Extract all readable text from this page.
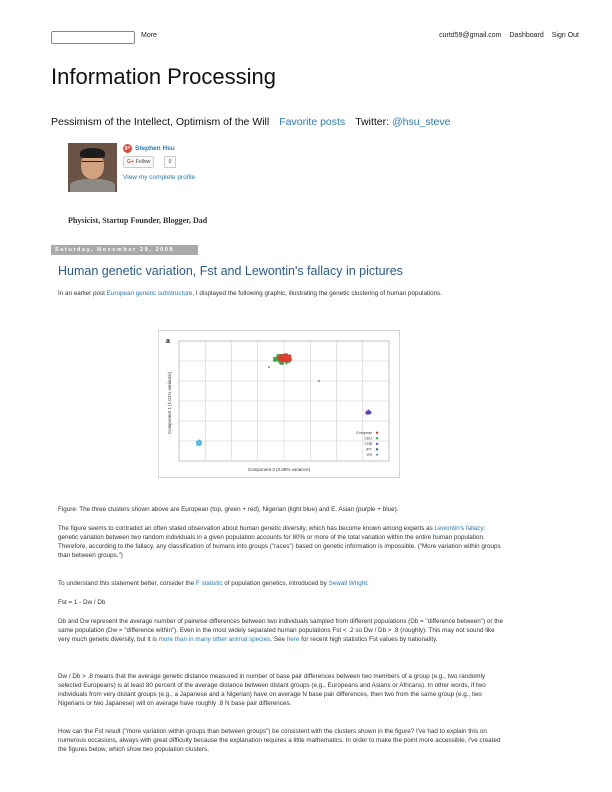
More	curtd59@gmail.com Dashboard Sign Out
Information Processing
Pessimism of the Intellect, Optimism of the Will Favorite posts Twitter: @hsu_steve
g+ Stephen Hsu
G+ Follow	0
View my complete profile
Physicist, Startup Founder, Blogger, Dad
Saturday, November 29, 2008
Human genetic variation, Fst and Lewontin's fallacy in pictures
In an earlier post European genetic substructure, I displayed the following graphic, illustrating the genetic clustering of human populations.
a
Component 2 (0.58% variance)
Component 1 (1.01% variance)	European
CEU
CHB
JPT
YRI
Figure: The three clusters shown above are European (top, green + red), Nigerian (light blue) and E. Asian (purple + blue).
The figure seems to contradict an often stated observation about human genetic diversity, which has become known among experts as Lewontin's fallacy: genetic variation between two random individuals in a given population accounts for 80% or more of the total variation within the entire human population. Therefore, according to the fallacy, any classification of humans into groups ("races") based on genetic information is impossible. ("More variation within groups than between groups.")
To understand this statement better, consider the F statistic of population genetics, introduced by Sewall Wright:
Fst = 1 - Dw / Db
Db and Dw represent the average number of pairwise differences between two individuals sampled from different populations (Db = "difference between") or the same population (Dw = "difference within"). Even in the most widely separated human populations Fst < .2 so Dw / Db > .8 (roughly). This may not sound like very much genetic diversity, but it is more than in many other animal species. See here for recent high statistics Fst values by nationality.
Dw / Db > .8 means that the average genetic distance measured in number of base pair differences between two members of a group (e.g., two randomly selected Europeans) is at least 80 percent of the average distance between distant groups (e.g., Europeans and Asians or Africans). In other words, if two individuals from very distant groups (e.g., a Japanese and a Nigerian) have on average N base pair differences, then two from the same group (e.g., two Nigerians or two Japanese) will on average have roughly .8 N base pair differences.
How can the Fst result ("more variation within groups than between groups") be consistent with the clusters shown in the figure? I've had to explain this on numerous occasions, always with great difficulty because the explanation requires a little mathematics. In order to make the point more accessible, I've created the figures below, which show two population clusters,
